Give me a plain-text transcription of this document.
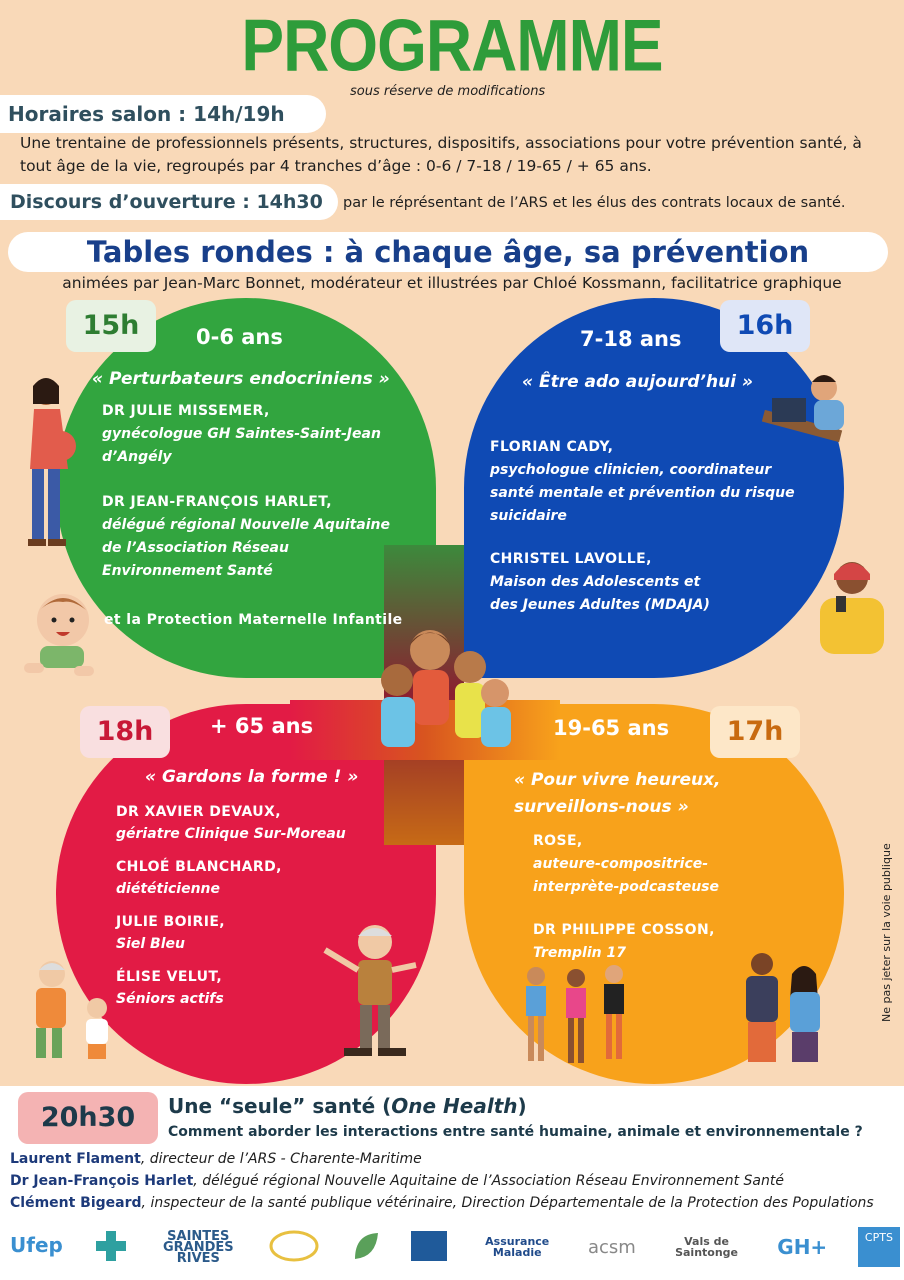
PROGRAMME
sous réserve de modifications
Horaires salon : 14h/19h
Une trentaine de professionnels présents, structures, dispositifs, associations pour votre prévention santé, à
tout âge de la vie, regroupés par 4 tranches d’âge : 0-6 / 7-18 / 19-65 / + 65 ans.
Discours d’ouverture : 14h30	par le réprésentant de l’ARS et les élus des contrats locaux de santé.
Tables rondes : à chaque âge, sa prévention
animées par Jean-Marc Bonnet, modérateur et illustrées par Chloé Kossmann, facilitatrice graphique
15h	0-6 ans
« Perturbateurs endocriniens »
DR JULIE MISSEMER,
gynécologue GH Saintes-Saint-Jean
d’Angély
DR JEAN-FRANÇOIS HARLET,
délégué régional Nouvelle Aquitaine
de l’Association Réseau
Environnement Santé
et la Protection Maternelle Infantile
16h
7-18 ans
« Être ado aujourd’hui »
FLORIAN CADY,
psychologue clinicien, coordinateur
santé mentale et prévention du risque
suicidaire
CHRISTEL LAVOLLE,
Maison des Adolescents et
des Jeunes Adultes (MDAJA)
18h	+ 65 ans
« Gardons la forme ! »
DR XAVIER DEVAUX,
gériatre Clinique Sur-Moreau
CHLOÉ BLANCHARD,
diététicienne
JULIE BOIRIE,
Siel Bleu
ÉLISE VELUT,
Séniors actifs
17h
19-65 ans
« Pour vivre heureux,
surveillons-nous »
ROSE,
auteure-compositrice-
interprète-podcasteuse
DR PHILIPPE COSSON,
Tremplin 17	Ne pas jeter sur la voie publique
20h30	Une “seule” santé (One Health)
Comment aborder les interactions entre santé humaine, animale et environnementale ?
Laurent Flament, directeur de l’ARS - Charente-Maritime
Dr Jean-François Harlet, délégué régional Nouvelle Aquitaine de l’Association Réseau Environnement Santé
Clément Bigeard, inspecteur de la santé publique vétérinaire, Direction Départementale de la Protection des Populations
Ufep	SAINTES GRANDES RIVES
Assurance Maladie	acsm	Vals de Saintonge	GH+	CPTS
